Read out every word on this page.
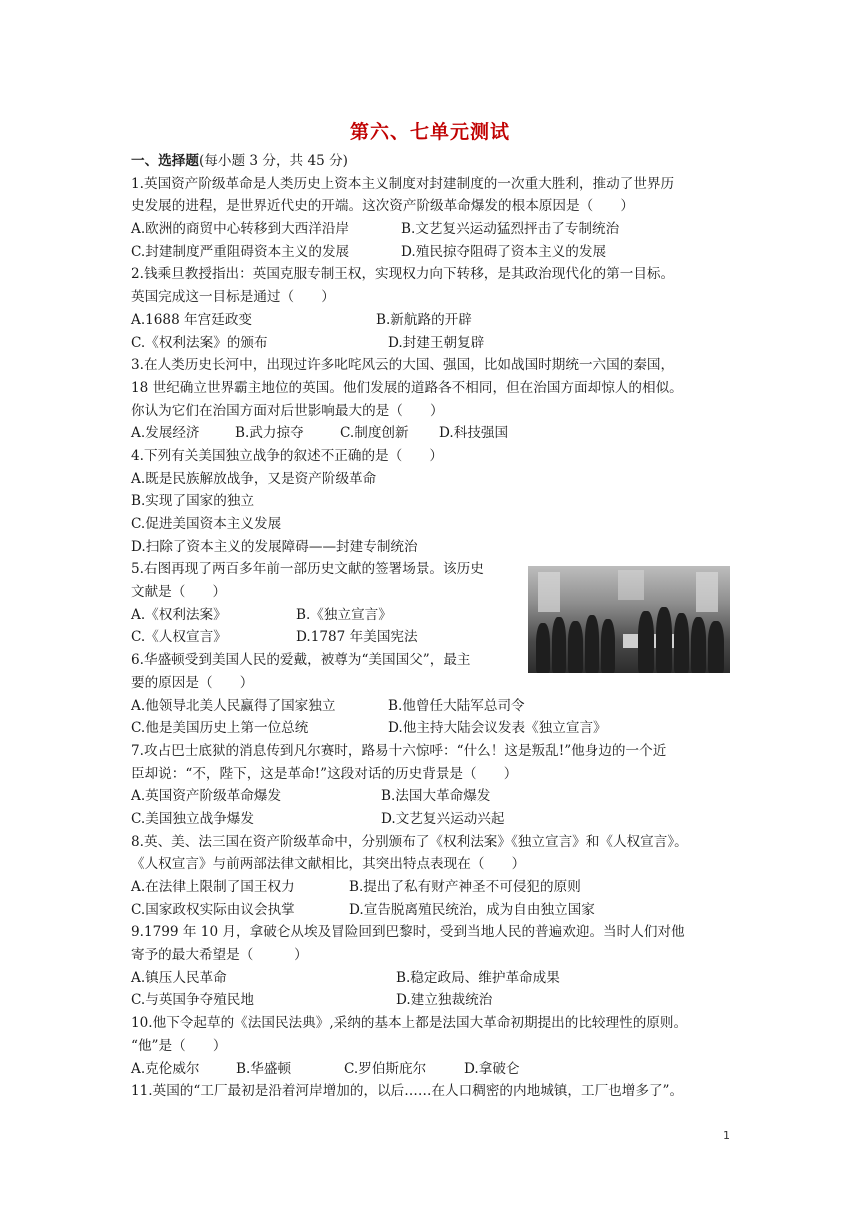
第六、七单元测试
一、选择题(每小题 3 分，共 45 分)
1.英国资产阶级革命是人类历史上资本主义制度对封建制度的一次重大胜利，推动了世界历
史发展的进程，是世界近代史的开端。这次资产阶级革命爆发的根本原因是（　　）
A.欧洲的商贸中心转移到大西洋沿岸	B.文艺复兴运动猛烈抨击了专制统治
C.封建制度严重阻碍资本主义的发展	D.殖民掠夺阻碍了资本主义的发展
2.钱乘旦教授指出：英国克服专制王权，实现权力向下转移，是其政治现代化的第一目标。
英国完成这一目标是通过（　　）
A.1688 年宫廷政变	B.新航路的开辟
C.《权利法案》的颁布	D.封建王朝复辟
3.在人类历史长河中，出现过许多叱咤风云的大国、强国，比如战国时期统一六国的秦国，
18 世纪确立世界霸主地位的英国。他们发展的道路各不相同，但在治国方面却惊人的相似。
你认为它们在治国方面对后世影响最大的是（　　）
A.发展经济	B.武力掠夺	C.制度创新	D.科技强国
4.下列有关美国独立战争的叙述不正确的是（　　）
A.既是民族解放战争，又是资产阶级革命
B.实现了国家的独立
C.促进美国资本主义发展
D.扫除了资本主义的发展障碍——封建专制统治
5.右图再现了两百多年前一部历史文献的签署场景。该历史
文献是（　　）
A.《权利法案》	B.《独立宣言》
C.《人权宣言》	D.1787 年美国宪法
6.华盛顿受到美国人民的爱戴，被尊为“美国国父”，最主
要的原因是（　　）
A.他领导北美人民赢得了国家独立	B.他曾任大陆军总司令
C.他是美国历史上第一位总统	D.他主持大陆会议发表《独立宣言》
7.攻占巴士底狱的消息传到凡尔赛时，路易十六惊呼：“什么！这是叛乱!”他身边的一个近
臣却说：“不，陛下，这是革命!”这段对话的历史背景是（　　）
A.英国资产阶级革命爆发	B.法国大革命爆发
C.美国独立战争爆发	D.文艺复兴运动兴起
8.英、美、法三国在资产阶级革命中，分别颁布了《权利法案》《独立宣言》和《人权宣言》。
《人权宣言》与前两部法律文献相比，其突出特点表现在（　　）
A.在法律上限制了国王权力	B.提出了私有财产神圣不可侵犯的原则
C.国家政权实际由议会执掌	D.宣告脱离殖民统治，成为自由独立国家
9.1799 年 10 月，拿破仑从埃及冒险回到巴黎时，受到当地人民的普遍欢迎。当时人们对他
寄予的最大希望是（　　　）
A.镇压人民革命	B.稳定政局、维护革命成果
C.与英国争夺殖民地	D.建立独裁统治
10.他下令起草的《法国民法典》,采纳的基本上都是法国大革命初期提出的比较理性的原则。
“他”是（　　）
A.克伦威尔	B.华盛顿	C.罗伯斯庇尔	D.拿破仑
11.英国的“工厂最初是沿着河岸增加的，以后……在人口稠密的内地城镇，工厂也增多了”。
1
